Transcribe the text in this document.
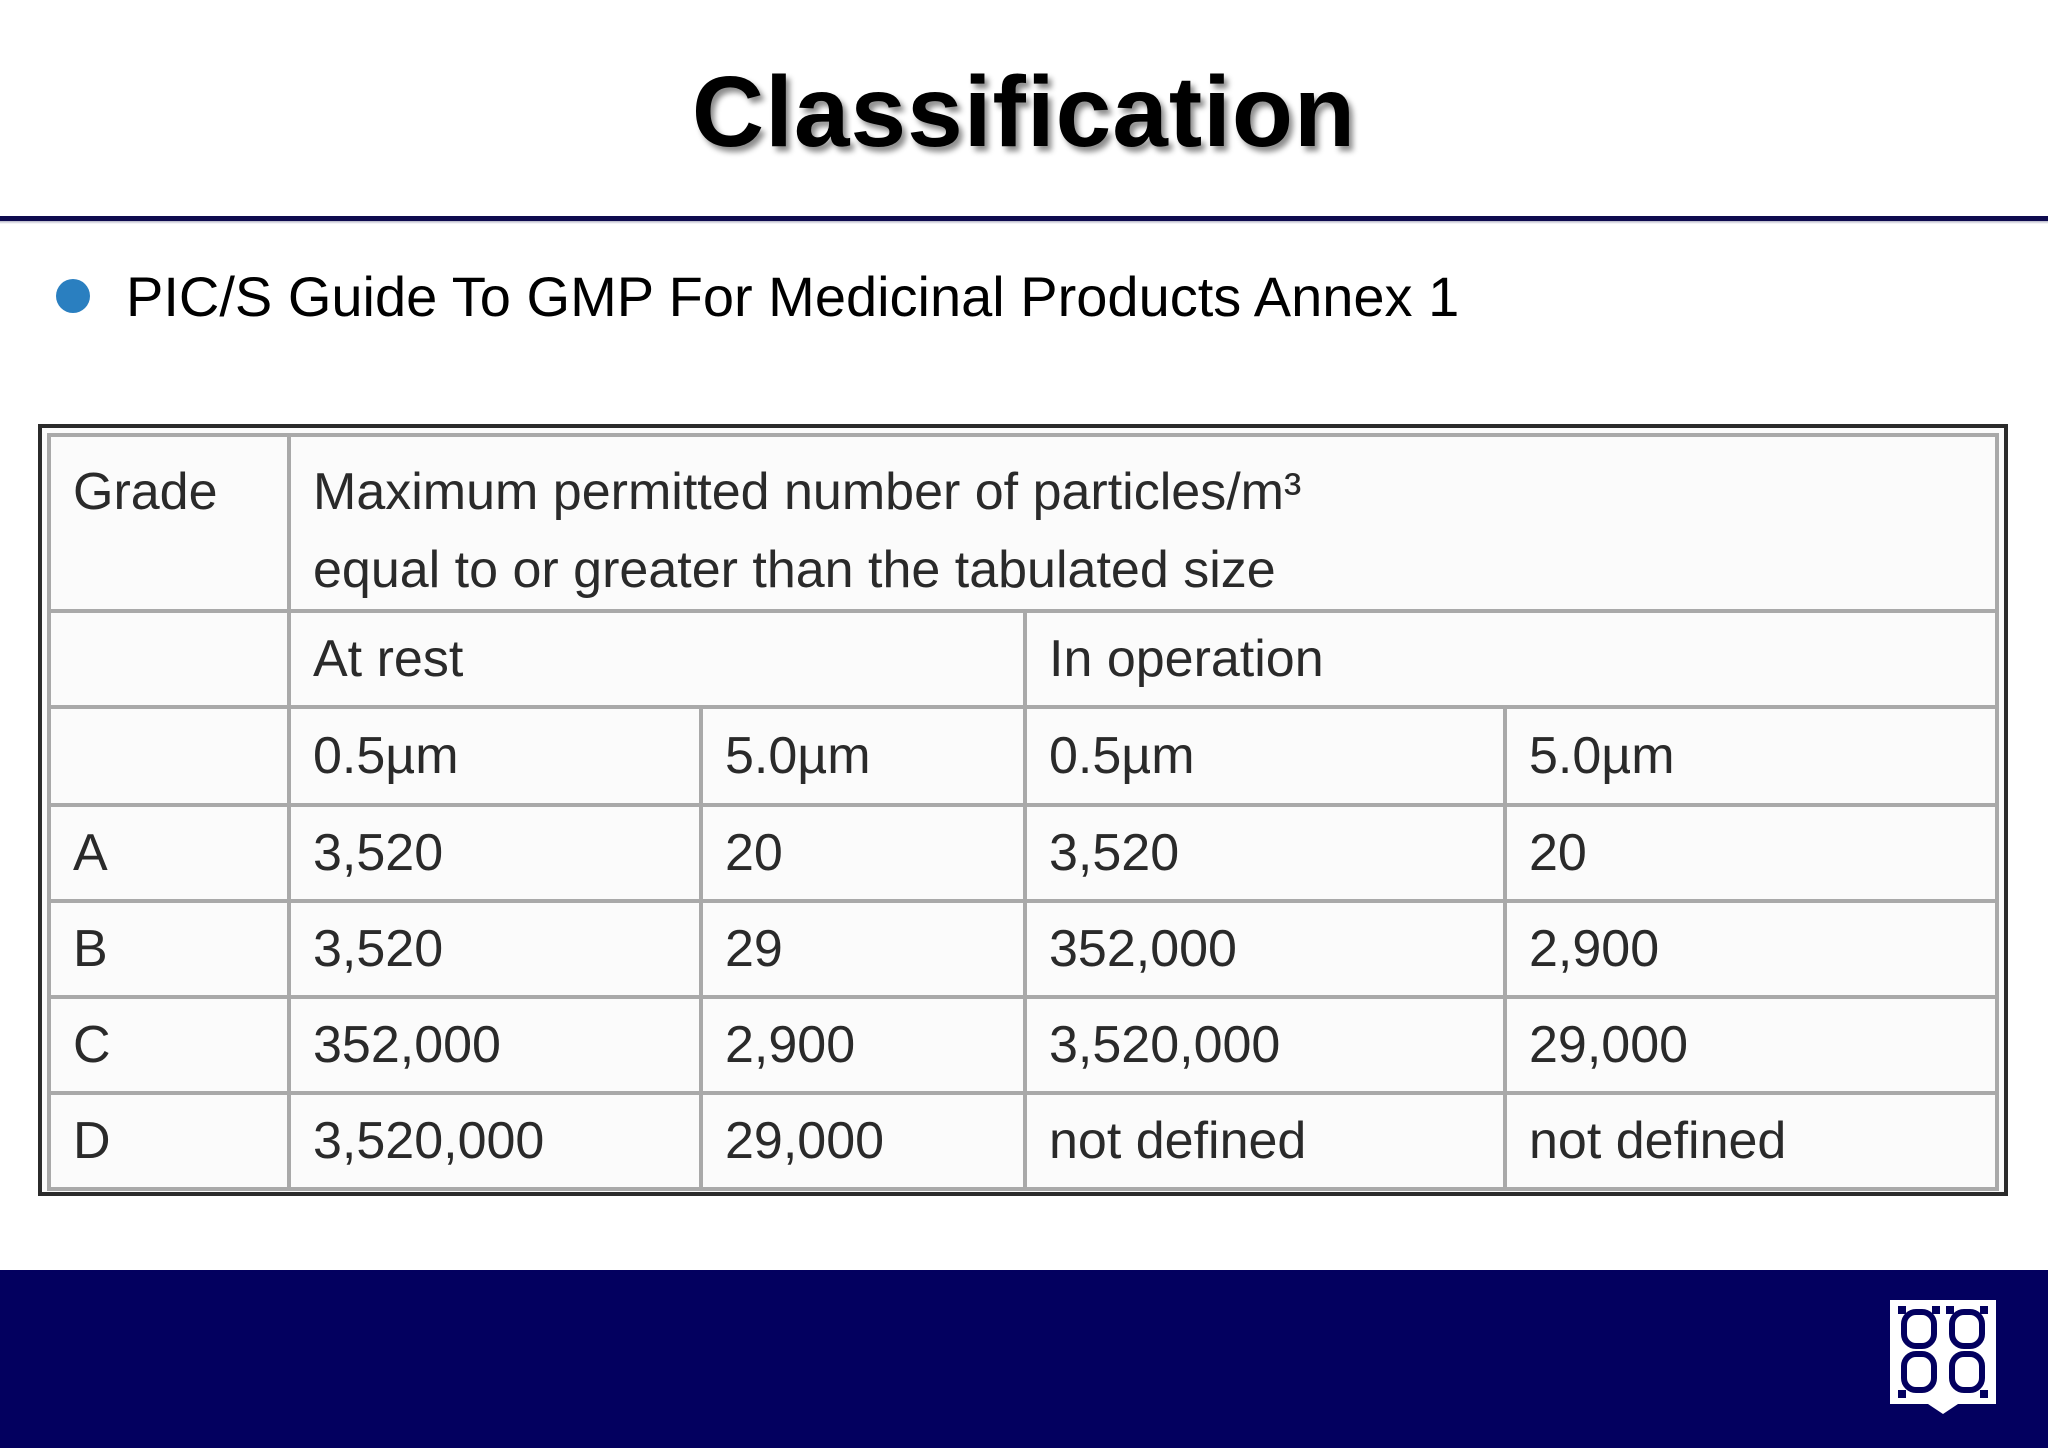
Classification
PIC/S Guide To GMP For Medicinal Products Annex 1
Grade	Maximum permitted number of particles/m³
equal to or greater than the tabulated size			

	At rest		In operation	
	0.5µm	5.0µm	0.5µm	5.0µm
A	3,520	20	3,520	20
B	3,520	29	352,000	2,900
C	352,000	2,900	3,520,000	29,000
D	3,520,000	29,000	not defined	not defined
